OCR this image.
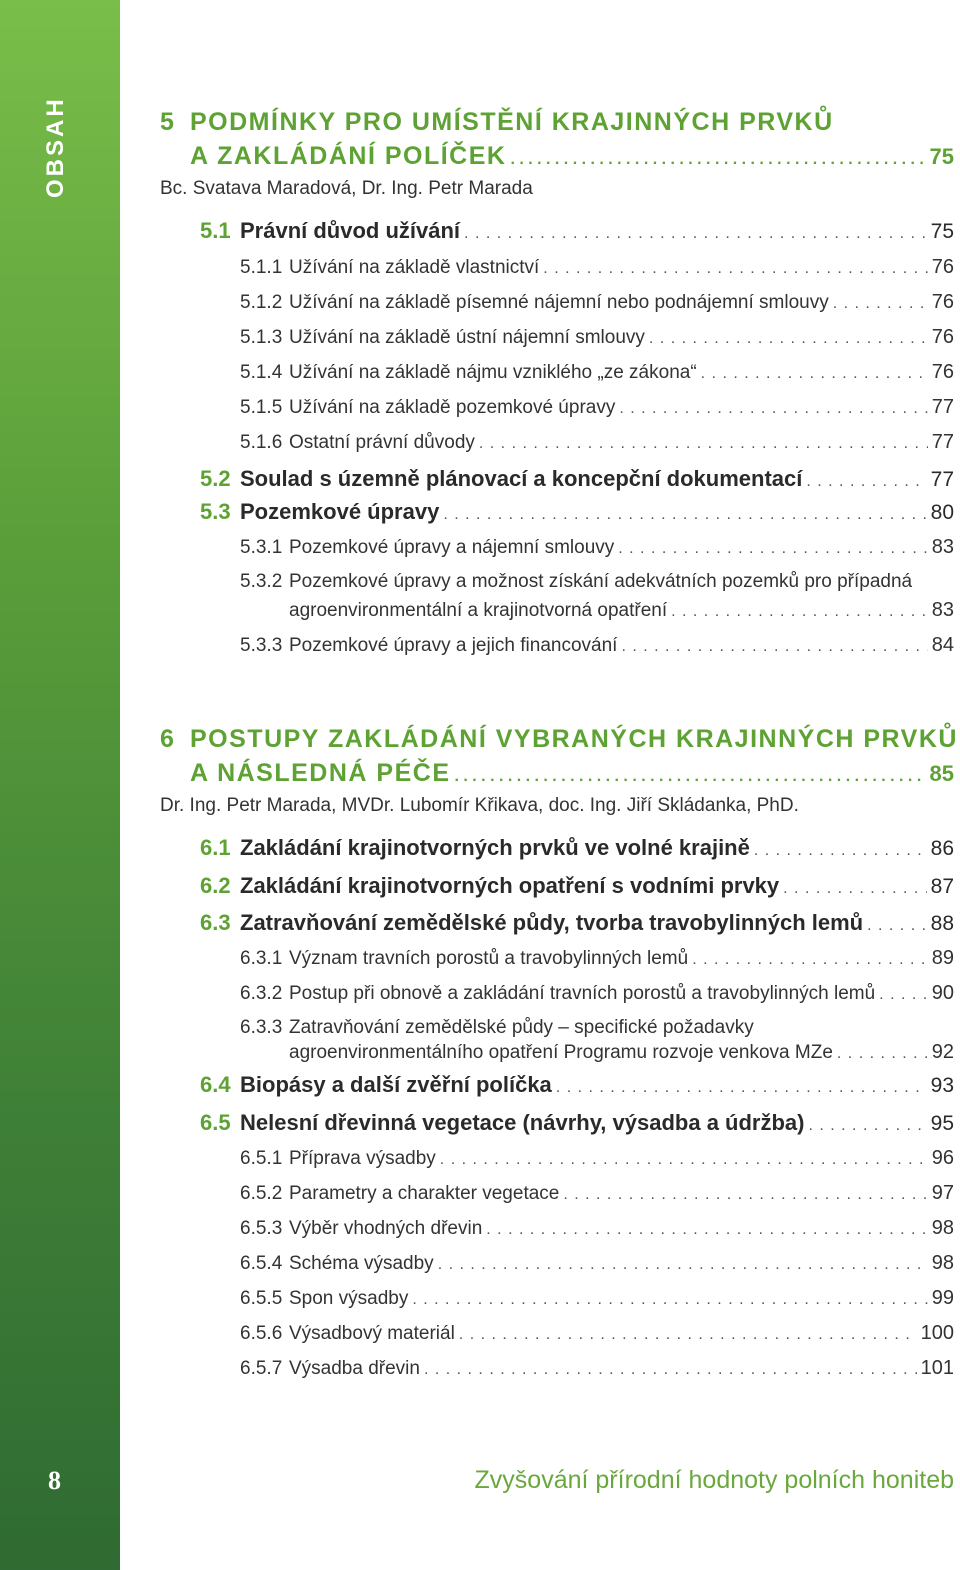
OBSAH
8
5 PODMÍNKY PRO UMÍSTĚNÍ KRAJINNÝCH PRVKŮ
A ZAKLÁDÁNÍ POLÍČEK . . .	75
Bc. Svatava Maradová, Dr. Ing. Petr Marada
5.1 Právní důvod užívání . . .	75
5.1.1 Užívání na základě vlastnictví . . .	76
5.1.2 Užívání na základě písemné nájemní nebo podnájemní smlouvy . . .	76
5.1.3 Užívání na základě ústní nájemní smlouvy . . .	76
5.1.4 Užívání na základě nájmu vzniklého „ze zákona“ . . .	76
5.1.5 Užívání na základě pozemkové úpravy . . .	77
5.1.6 Ostatní právní důvody . . .	77
5.2 Soulad s územně plánovací a koncepční dokumentací . . .	77
5.3 Pozemkové úpravy . . .	80
5.3.1 Pozemkové úpravy a nájemní smlouvy . . .	83
5.3.2 Pozemkové úpravy a možnost získání adekvátních pozemků pro případná
agroenvironmentální a krajinotvorná opatření . . .	83
5.3.3 Pozemkové úpravy a jejich financování . . .	84
6 POSTUPY ZAKLÁDÁNÍ VYBRANÝCH KRAJINNÝCH PRVKŮ
A NÁSLEDNÁ PÉČE . . .	85
Dr. Ing. Petr Marada, MVDr. Lubomír Křikava, doc. Ing. Jiří Skládanka, PhD.
6.1 Zakládání krajinotvorných prvků ve volné krajině . . .	86
6.2 Zakládání krajinotvorných opatření s vodními prvky . . .	87
6.3 Zatravňování zemědělské půdy, tvorba travobylinných lemů . . .	88
6.3.1 Význam travních porostů a travobylinných lemů . . .	89
6.3.2 Postup při obnově a zakládání travních porostů a travobylinných lemů . . .	90
6.3.3 Zatravňování zemědělské půdy – specifické požadavky
agroenvironmentálního opatření Programu rozvoje venkova MZe . . .	92
6.4 Biopásy a další zvěřní políčka . . .	93
6.5 Nelesní dřevinná vegetace (návrhy, výsadba a údržba) . . .	95
6.5.1 Příprava výsadby . . .	96
6.5.2 Parametry a charakter vegetace . . .	97
6.5.3 Výběr vhodných dřevin . . .	98
6.5.4 Schéma výsadby . . .	98
6.5.5 Spon výsadby . . .	99
6.5.6 Výsadbový materiál . . .	100
6.5.7 Výsadba dřevin . . .	101
Zvyšování přírodní hodnoty polních honiteb
